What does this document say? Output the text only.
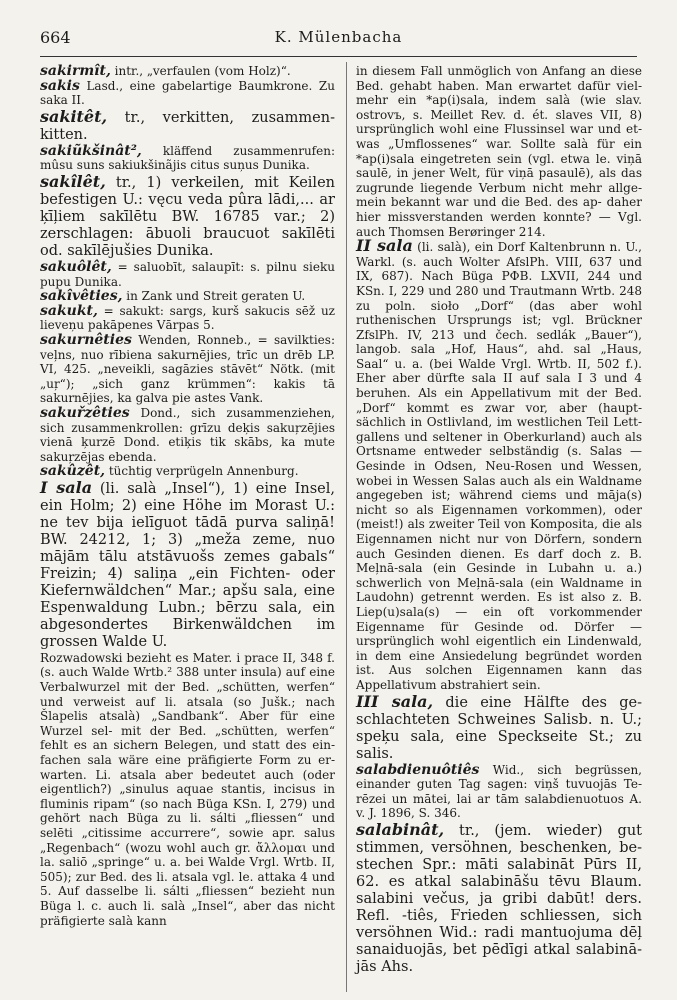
664	K. Mülenbacha

sakirmît, intr., „verfaulen (vom Holz)“.

sakis Lasd., eine gabelartige Baumkrone. Zu saka II.

sakitêt, tr., verkitten, zusammenkitten.

sakiũkšinât², kläffend zusammenrufen: mûsu suns sakiukšinãjis citus suņus Dunika.

sakîlêt, tr., 1) verkeilen, mit Keilen befestigen U.: vęcu veda pûra lādi,... ar ķīļiem sakīlētu BW. 16785 var.; 2) zerschlagen: ābuoli braucuot sakīlēti od. sakīlējušies Dunika.

sakuôlêt, = saluobīt, salaupīt: s. pilnu sieku pupu Dunika.

sakîvêties, in Zank und Streit geraten U.

sakukt, = sakukt: sargs, kurš sakucis sēž uz lieveņu pakāpenes Vārpas 5.

sakurnêties Wenden, Ronneb., = savilkties: veļns, nuo rībiena sakurnējies, trīc un drēb LP. VI, 425. „neveikli, sagāzies stāvēt“ Nötk. (mit „uŗ“); „sich ganz krümmen“: kakis tā sakurnējies, ka galva pie astes Vank.

sakuřzêties Dond., sich zusammenziehen, sich zusammenkrollen: grīzu deķis sakuŗzējies vienā ķurzē Dond. etiķis tik skābs, ka mute sakuŗzējas ebenda.

sakûzêt, tüchtig verprügeln Annenburg.

I sala (li. salà „Insel“), 1) eine Insel, ein Holm; 2) eine Höhe im Morast U.: ne tev bija ielīguot tādā purva saliņā! BW. 24212, 1; 3) „meža zeme, nuo mājām tālu atstāvuošs zemes gabals“ Freizin; 4) saliņa „ein Fichten- oder Kiefernwäldchen“ Mar.; apšu sala, eine Espenwaldung Lubn.; bērzu sala, ein abgesondertes Birkenwäldchen im grossen Walde U.

Rozwadowski bezieht es Mater. i prace II, 348 f. (s. auch Walde Wrtb.² 388 unter insula) auf eine Verbalwurzel mit der Bed. „schütten, werfen“ und verweist auf li. atsala (so Jušk.; nach Šlapelis atsalà) „Sandbank“. Aber für eine Wurzel sel- mit der Bed. „schütten, werfen“ fehlt es an sichern Belegen, und statt des einfachen sala wäre eine präfigierte Form zu erwarten. Li. atsala aber bedeutet auch (oder eigentlich?) „sinulus aquae stantis, incisus in fluminis ripam“ (so nach Büga KSn. I, 279) und gehört nach Büga zu li. sálti „fliessen“ und selēti „citissime accurrere“, sowie apr. salus „Regenbach“ (wozu wohl auch gr. ἄλλομαι und la. saliō „springe“ u. a. bei Walde Vrgl. Wrtb. II, 505); zur Bed. des li. atsala vgl. le. attaka 4 und 5. Auf dasselbe li. sálti „fliessen“ bezieht nun Büga l. c. auch li. salà „Insel“, aber das nicht präfigierte salà kann

in diesem Fall unmöglich von Anfang an diese Bed. gehabt haben. Man erwartet dafür vielmehr ein *ap(i)sala, indem salà (wie slav. ostrovъ, s. Meillet Rev. d. ét. slaves VII, 8) ursprünglich wohl eine Flussinsel war und etwas „Umflossenes“ war. Sollte salà für ein *ap(i)sala eingetreten sein (vgl. etwa le. viņā saulē, in jener Welt, für viņā pasaulē), als das zugrunde liegende Verbum nicht mehr allgemein bekannt war und die Bed. des ap- daher hier missverstanden werden konnte? — Vgl. auch Thomsen Berøringer 214.

II sala (li. salà), ein Dorf Kaltenbrunn n. U., Warkl. (s. auch Wolter AfslPh. VIII, 637 und IX, 687). Nach Büga РФВ. LXVII, 244 und KSn. I, 229 und 280 und Trautmann Wrtb. 248 zu poln. sioło „Dorf“ (das aber wohl ruthenischen Ursprungs ist; vgl. Brückner ZfslPh. IV, 213 und čech. sedlák „Bauer“), langob. sala „Hof, Haus“, ahd. sal „Haus, Saal“ u. a. (bei Walde Vrgl. Wrtb. II, 502 f.). Eher aber dürfte sala II auf sala I 3 und 4 beruhen. Als ein Appellativum mit der Bed. „Dorf“ kommt es zwar vor, aber (hauptsächlich in Ostlivland, im westlichen Teil Lettgallens und seltener in Oberkurland) auch als Ortsname entweder selbständig (s. Salas — Gesinde in Odsen, Neu-Rosen und Wessen, wobei in Wessen Salas auch als ein Waldname angegeben ist; während ciems und māja(s) nicht so als Eigennamen vorkommen), oder (meist!) als zweiter Teil von Komposita, die als Eigennamen nicht nur von Dörfern, sondern auch Gesinden dienen. Es darf doch z. B. Meļnā-sala (ein Gesinde in Lubahn u. a.) schwerlich von Meļnā-sala (ein Waldname in Laudohn) getrennt werden. Es ist also z. B. Liep(u)sala(s) — ein oft vorkommender Eigenname für Gesinde od. Dörfer — ursprünglich wohl eigentlich ein Lindenwald, in dem eine Ansiedelung begründet worden ist. Aus solchen Eigennamen kann das Appellativum abstrahiert sein.

III sala, die eine Hälfte des geschlachteten Schweines Salisb. n. U.; speķu sala, eine Speckseite St.; zu salis.

salabdienuôtiês Wid., sich begrüssen, einander guten Tag sagen: viņš tuvuojās Terēzei un mātei, lai ar tām salabdienuotuos A. v. J. 1896, S. 346.

salabinât, tr., (jem. wieder) gut stimmen, versöhnen, beschenken, bestechen Spr.: māti salabināt Pūrs II, 62. es atkal salabināšu tēvu Blaum. salabini večus, ja gribi dabūt! ders. Refl. -tiês, Frieden schliessen, sich versöhnen Wid.: radi mantuojuma dēļ sanaiduojās, bet pēdīgi atkal salabinājās Ahs.
